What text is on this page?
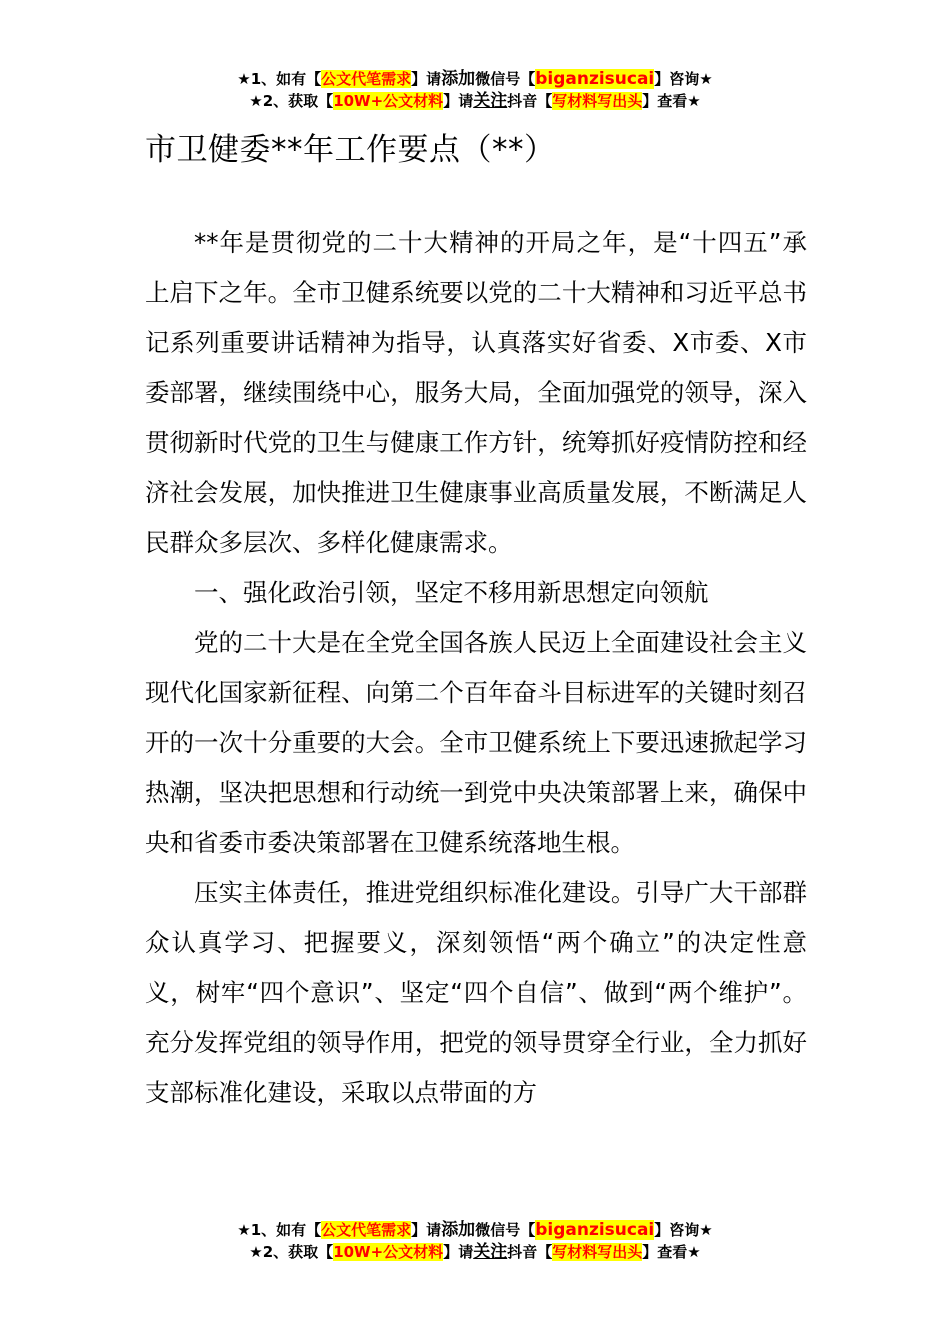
★1、如有【公文代笔需求】请添加微信号【biganzisucai】咨询★
★2、获取【10W+公文材料】请关注抖音【写材料写出头】查看★
市卫健委**年工作要点（**）

**年是贯彻党的二十大精神的开局之年，是“十四五”承上启下之年。全市卫健系统要以党的二十大精神和习近平总书记系列重要讲话精神为指导，认真落实好省委、X市委、X市委部署，继续围绕中心，服务大局，全面加强党的领导，深入贯彻新时代党的卫生与健康工作方针，统筹抓好疫情防控和经济社会发展，加快推进卫生健康事业高质量发展，不断满足人民群众多层次、多样化健康需求。

一、强化政治引领，坚定不移用新思想定向领航

党的二十大是在全党全国各族人民迈上全面建设社会主义现代化国家新征程、向第二个百年奋斗目标进军的关键时刻召开的一次十分重要的大会。全市卫健系统上下要迅速掀起学习热潮，坚决把思想和行动统一到党中央决策部署上来，确保中央和省委市委决策部署在卫健系统落地生根。

压实主体责任，推进党组织标准化建设。引导广大干部群众认真学习、把握要义，深刻领悟“两个确立”的决定性意义，树牢“四个意识”、坚定“四个自信”、做到“两个维护”。充分发挥党组的领导作用，把党的领导贯穿全行业，全力抓好支部标准化建设，采取以点带面的方

★1、如有【公文代笔需求】请添加微信号【biganzisucai】咨询★
★2、获取【10W+公文材料】请关注抖音【写材料写出头】查看★
